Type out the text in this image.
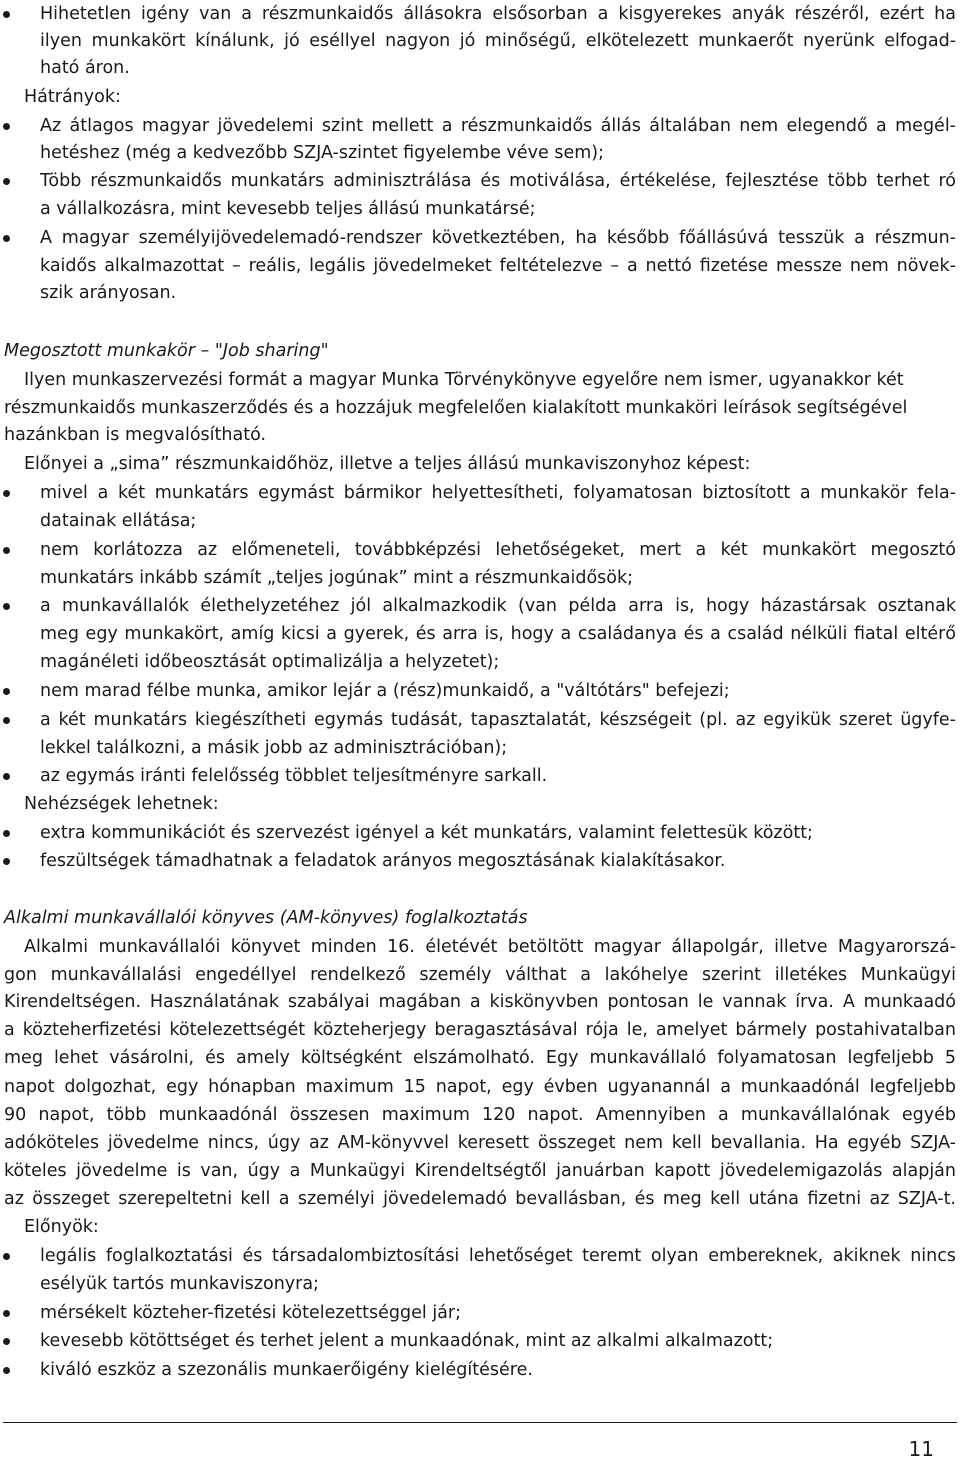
Hihetetlen igény van a részmunkaidős állásokra elsősorban a kisgyerekes anyák részéről, ezért ha
ilyen munkakört kínálunk, jó eséllyel nagyon jó minőségű, elkötelezett munkaerőt nyerünk elfogad-
ható áron.
Hátrányok:
Az átlagos magyar jövedelemi szint mellett a részmunkaidős állás általában nem elegendő a megél-
hetéshez (még a kedvezőbb SZJA-szintet figyelembe véve sem);
Több részmunkaidős munkatárs adminisztrálása és motiválása, értékelése, fejlesztése több terhet ró
a vállalkozásra, mint kevesebb teljes állású munkatársé;
A magyar személyijövedelemadó-rendszer következtében, ha később főállásúvá tesszük a részmun-
kaidős alkalmazottat – reális, legális jövedelmeket feltételezve – a nettó fizetése messze nem növek-
szik arányosan.
Megosztott munkakör – "Job sharing"
Ilyen munkaszervezési formát a magyar Munka Törvénykönyve egyelőre nem ismer, ugyanakkor két
részmunkaidős munkaszerződés és a hozzájuk megfelelően kialakított munkaköri leírások segítségével
hazánkban is megvalósítható.
Előnyei a „sima” részmunkaidőhöz, illetve a teljes állású munkaviszonyhoz képest:
mivel a két munkatárs egymást bármikor helyettesítheti, folyamatosan biztosított a munkakör fela-
datainak ellátása;
nem korlátozza az előmeneteli, továbbképzési lehetőségeket, mert a két munkakört megosztó
munkatárs inkább számít „teljes jogúnak” mint a részmunkaidősök;
a munkavállalók élethelyzetéhez jól alkalmazkodik (van példa arra is, hogy házastársak osztanak
meg egy munkakört, amíg kicsi a gyerek, és arra is, hogy a családanya és a család nélküli fiatal eltérő
magánéleti időbeosztását optimalizálja a helyzetet);
nem marad félbe munka, amikor lejár a (rész)munkaidő, a "váltótárs" befejezi;
a két munkatárs kiegészítheti egymás tudását, tapasztalatát, készségeit (pl. az egyikük szeret ügyfe-
lekkel találkozni, a másik jobb az adminisztrációban);
az egymás iránti felelősség többlet teljesítményre sarkall.
Nehézségek lehetnek:
extra kommunikációt és szervezést igényel a két munkatárs, valamint felettesük között;
feszültségek támadhatnak a feladatok arányos megosztásának kialakításakor.
Alkalmi munkavállalói könyves (AM-könyves) foglalkoztatás
Alkalmi munkavállalói könyvet minden 16. életévét betöltött magyar állapolgár, illetve Magyarorszá-
gon munkavállalási engedéllyel rendelkező személy válthat a lakóhelye szerint illetékes Munkaügyi
Kirendeltségen. Használatának szabályai magában a kiskönyvben pontosan le vannak írva. A munkaadó
a közteherfizetési kötelezettségét közteherjegy beragasztásával rója le, amelyet bármely postahivatalban
meg lehet vásárolni, és amely költségként elszámolható. Egy munkavállaló folyamatosan legfeljebb 5
napot dolgozhat, egy hónapban maximum 15 napot, egy évben ugyanannál a munkaadónál legfeljebb
90 napot, több munkaadónál összesen maximum 120 napot. Amennyiben a munkavállalónak egyéb
adóköteles jövedelme nincs, úgy az AM-könyvvel keresett összeget nem kell bevallania. Ha egyéb SZJA-
köteles jövedelme is van, úgy a Munkaügyi Kirendeltségtől januárban kapott jövedelemigazolás alapján
az összeget szerepeltetni kell a személyi jövedelemadó bevallásban, és meg kell utána fizetni az SZJA-t.
Előnyök:
legális foglalkoztatási és társadalombiztosítási lehetőséget teremt olyan embereknek, akiknek nincs
esélyük tartós munkaviszonyra;
mérsékelt közteher-fizetési kötelezettséggel jár;
kevesebb kötöttséget és terhet jelent a munkaadónak, mint az alkalmi alkalmazott;
kiváló eszköz a szezonális munkaerőigény kielégítésére.
11
